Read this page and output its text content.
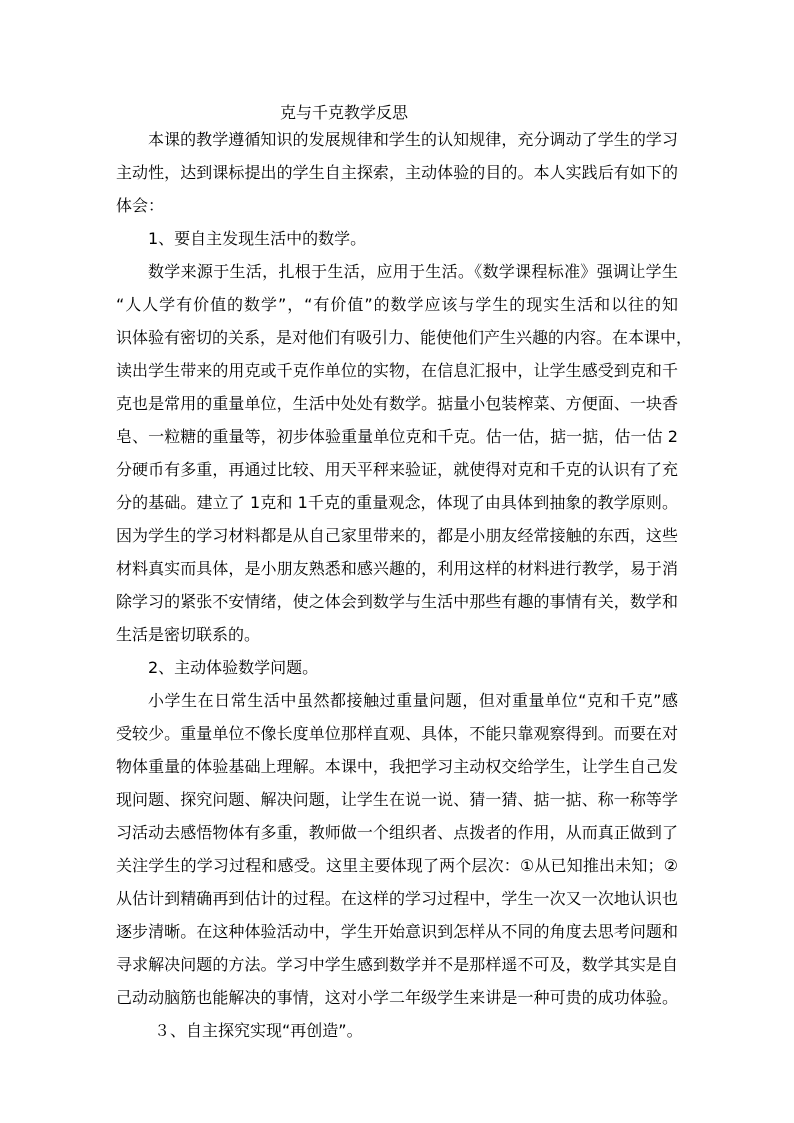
克与千克教学反思
本课的教学遵循知识的发展规律和学生的认知规律，充分调动了学生的学习
主动性，达到课标提出的学生自主探索，主动体验的目的。本人实践后有如下的
体会：
1、要自主发现生活中的数学。
数学来源于生活，扎根于生活，应用于生活。《数学课程标准》强调让学生
“人人学有价值的数学”，“有价值”的数学应该与学生的现实生活和以往的知
识体验有密切的关系，是对他们有吸引力、能使他们产生兴趣的内容。在本课中，
读出学生带来的用克或千克作单位的实物，在信息汇报中，让学生感受到克和千
克也是常用的重量单位，生活中处处有数学。掂量小包装榨菜、方便面、一块香
皂、一粒糖的重量等，初步体验重量单位克和千克。估一估，掂一掂，估一估 2
分硬币有多重，再通过比较、用天平秤来验证，就使得对克和千克的认识有了充
分的基础。建立了 1克和 1千克的重量观念，体现了由具体到抽象的教学原则。
因为学生的学习材料都是从自己家里带来的，都是小朋友经常接触的东西，这些
材料真实而具体，是小朋友熟悉和感兴趣的，利用这样的材料进行教学，易于消
除学习的紧张不安情绪，使之体会到数学与生活中那些有趣的事情有关，数学和
生活是密切联系的。
2、主动体验数学问题。
小学生在日常生活中虽然都接触过重量问题，但对重量单位“克和千克”感
受较少。重量单位不像长度单位那样直观、具体，不能只靠观察得到。而要在对
物体重量的体验基础上理解。本课中，我把学习主动权交给学生，让学生自己发
现问题、探究问题、解决问题，让学生在说一说、猜一猜、掂一掂、称一称等学
习活动去感悟物体有多重，教师做一个组织者、点拨者的作用，从而真正做到了
关注学生的学习过程和感受。这里主要体现了两个层次：①从已知推出未知；②
从估计到精确再到估计的过程。在这样的学习过程中，学生一次又一次地认识也
逐步清晰。在这种体验活动中，学生开始意识到怎样从不同的角度去思考问题和
寻求解决问题的方法。学习中学生感到数学并不是那样遥不可及，数学其实是自
己动动脑筋也能解决的事情，这对小学二年级学生来讲是一种可贵的成功体验。
３、自主探究实现“再创造”。
